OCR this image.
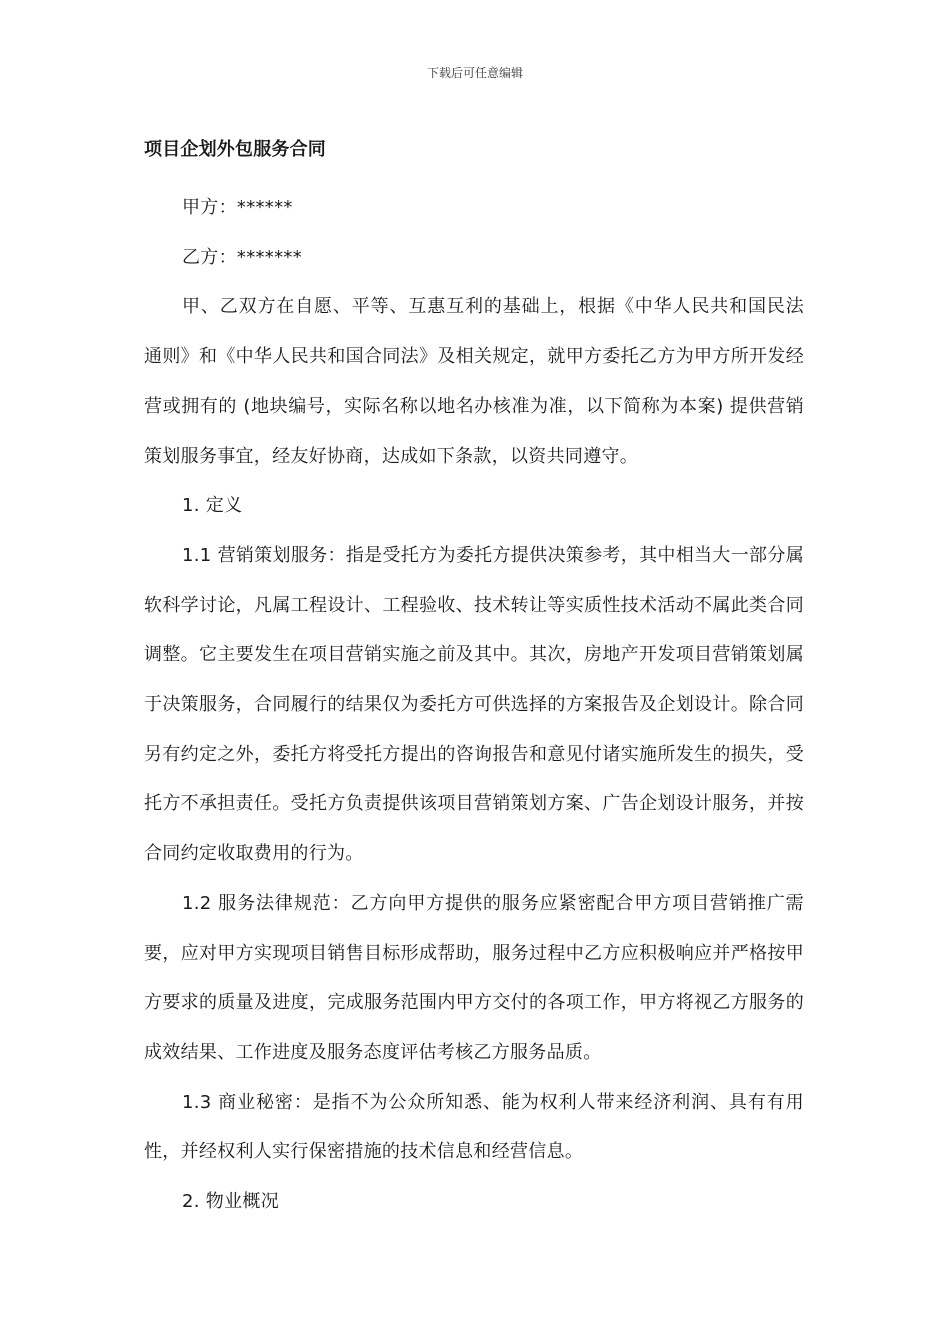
下载后可任意编辑
项目企划外包服务合同

甲方：******

乙方：*******

甲、乙双方在自愿、平等、互惠互利的基础上，根据《中华人民共和国民法通则》和《中华人民共和国合同法》及相关规定，就甲方委托乙方为甲方所开发经营或拥有的 (地块编号，实际名称以地名办核准为准，以下简称为本案) 提供营销策划服务事宜，经友好协商，达成如下条款，以资共同遵守。

1. 定义

1.1 营销策划服务：指是受托方为委托方提供决策参考，其中相当大一部分属软科学讨论，凡属工程设计、工程验收、技术转让等实质性技术活动不属此类合同调整。它主要发生在项目营销实施之前及其中。其次，房地产开发项目营销策划属于决策服务，合同履行的结果仅为委托方可供选择的方案报告及企划设计。除合同另有约定之外，委托方将受托方提出的咨询报告和意见付诸实施所发生的损失，受托方不承担责任。受托方负责提供该项目营销策划方案、广告企划设计服务，并按合同约定收取费用的行为。

1.2 服务法律规范：乙方向甲方提供的服务应紧密配合甲方项目营销推广需要，应对甲方实现项目销售目标形成帮助，服务过程中乙方应积极响应并严格按甲方要求的质量及进度，完成服务范围内甲方交付的各项工作，甲方将视乙方服务的成效结果、工作进度及服务态度评估考核乙方服务品质。

1.3 商业秘密：是指不为公众所知悉、能为权利人带来经济利润、具有有用性，并经权利人实行保密措施的技术信息和经营信息。

2. 物业概况
